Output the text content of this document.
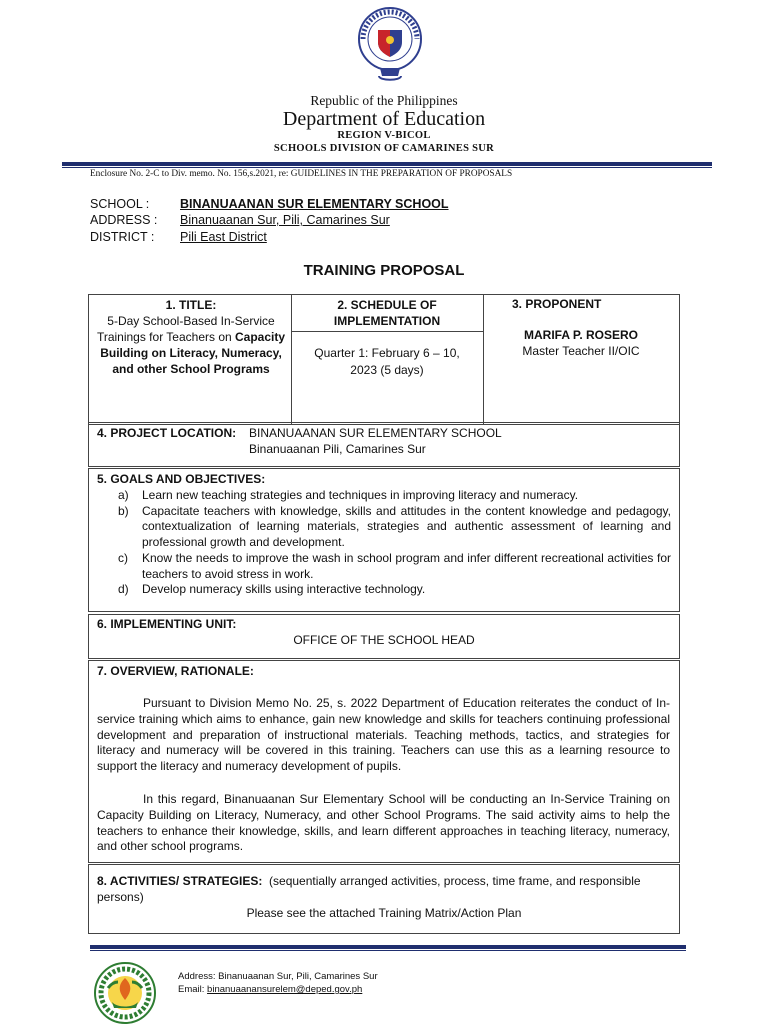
Republic of the Philippines
Department of Education
REGION V-BICOL
SCHOOLS DIVISION OF CAMARINES SUR
Enclosure No. 2-C to Div. memo. No. 156,s.2021, re: GUIDELINES IN THE PREPARATION OF PROPOSALS
SCHOOL : BINANUAANAN SUR ELEMENTARY SCHOOL
ADDRESS : Binanuaanan Sur, Pili, Camarines Sur
DISTRICT : Pili East District
TRAINING PROPOSAL
1. TITLE:
5-Day School-Based In-Service Trainings for Teachers on Capacity Building on Literacy, Numeracy, and other School Programs
2. SCHEDULE OF
IMPLEMENTATION
Quarter 1: February 6 – 10,
2023 (5 days)
3. PROPONENT
MARIFA P. ROSERO
Master Teacher II/OIC
4. PROJECT LOCATION: BINANUAANAN SUR ELEMENTARY SCHOOL
Binanuaanan Pili, Camarines Sur
5. GOALS AND OBJECTIVES:
a) Learn new teaching strategies and techniques in improving literacy and numeracy.
b) Capacitate teachers with knowledge, skills and attitudes in the content knowledge and pedagogy, contextualization of learning materials, strategies and authentic assessment of learning and professional growth and development.
c) Know the needs to improve the wash in school program and infer different recreational activities for teachers to avoid stress in work.
d) Develop numeracy skills using interactive technology.
6. IMPLEMENTING UNIT:
OFFICE OF THE SCHOOL HEAD
7. OVERVIEW, RATIONALE:
Pursuant to Division Memo No. 25, s. 2022 Department of Education reiterates the conduct of In-service training which aims to enhance, gain new knowledge and skills for teachers continuing professional development and preparation of instructional materials. Teaching methods, tactics, and strategies for literacy and numeracy will be covered in this training. Teachers can use this as a learning resource to support the literacy and numeracy development of pupils.
In this regard, Binanuaanan Sur Elementary School will be conducting an In-Service Training on Capacity Building on Literacy, Numeracy, and other School Programs. The said activity aims to help the teachers to enhance their knowledge, skills, and learn different approaches in teaching literacy, numeracy, and other school programs.
8. ACTIVITIES/ STRATEGIES: (sequentially arranged activities, process, time frame, and responsible persons)
Please see the attached Training Matrix/Action Plan
Address: Binanuaanan Sur, Pili, Camarines Sur
Email: binanuaanansurelem@deped.gov.ph
